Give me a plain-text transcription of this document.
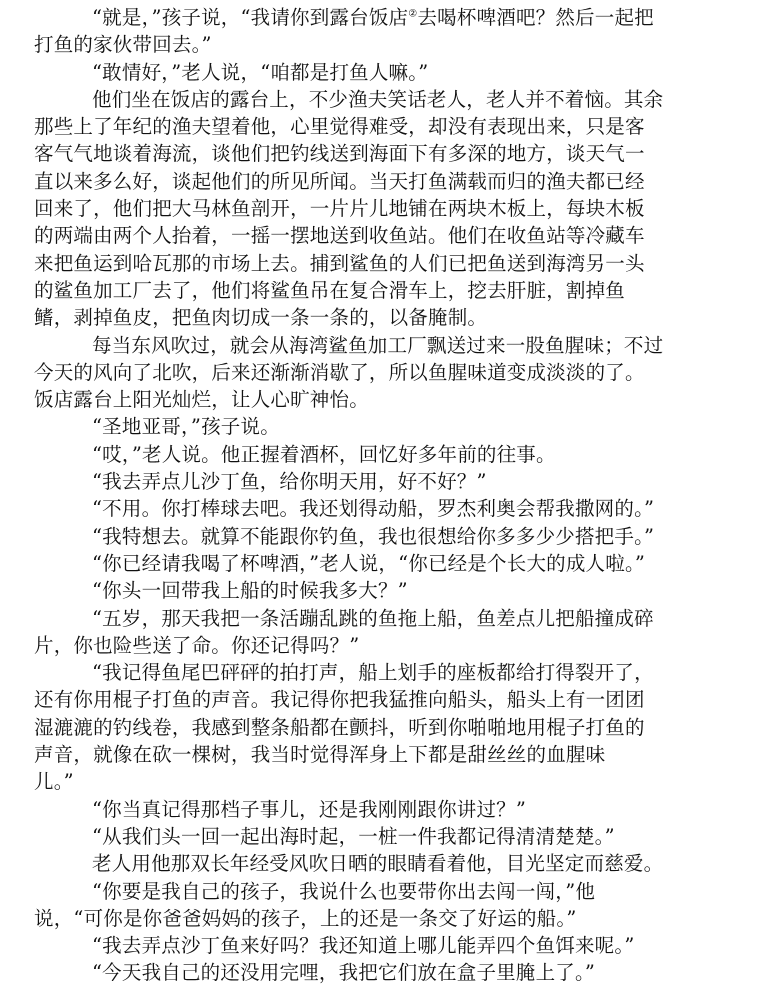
“就是，”孩子说，“我请你到露台饭店②去喝杯啤酒吧？然后一起把
打鱼的家伙带回去。”
“敢情好，”老人说，“咱都是打鱼人嘛。”
他们坐在饭店的露台上，不少渔夫笑话老人，老人并不着恼。其余
那些上了年纪的渔夫望着他，心里觉得难受，却没有表现出来，只是客
客气气地谈着海流，谈他们把钓线送到海面下有多深的地方，谈天气一
直以来多么好，谈起他们的所见所闻。当天打鱼满载而归的渔夫都已经
回来了，他们把大马林鱼剖开，一片片儿地铺在两块木板上，每块木板
的两端由两个人抬着，一摇一摆地送到收鱼站。他们在收鱼站等冷藏车
来把鱼运到哈瓦那的市场上去。捕到鲨鱼的人们已把鱼送到海湾另一头
的鲨鱼加工厂去了，他们将鲨鱼吊在复合滑车上，挖去肝脏，割掉鱼
鳍，剥掉鱼皮，把鱼肉切成一条一条的，以备腌制。
每当东风吹过，就会从海湾鲨鱼加工厂飘送过来一股鱼腥味；不过
今天的风向了北吹，后来还渐渐消歇了，所以鱼腥味道变成淡淡的了。
饭店露台上阳光灿烂，让人心旷神怡。
“圣地亚哥，”孩子说。
“哎，”老人说。他正握着酒杯，回忆好多年前的往事。
“我去弄点儿沙丁鱼，给你明天用，好不好？”
“不用。你打棒球去吧。我还划得动船，罗杰利奥会帮我撒网的。”
“我特想去。就算不能跟你钓鱼，我也很想给你多多少少搭把手。”
“你已经请我喝了杯啤酒，”老人说，“你已经是个长大的成人啦。”
“你头一回带我上船的时候我多大？”
“五岁，那天我把一条活蹦乱跳的鱼拖上船，鱼差点儿把船撞成碎
片，你也险些送了命。你还记得吗？”
“我记得鱼尾巴砰砰的拍打声，船上划手的座板都给打得裂开了，
还有你用棍子打鱼的声音。我记得你把我猛推向船头，船头上有一团团
湿漉漉的钓线卷，我感到整条船都在颤抖，听到你啪啪地用棍子打鱼的
声音，就像在砍一棵树，我当时觉得浑身上下都是甜丝丝的血腥味
儿。”
“你当真记得那档子事儿，还是我刚刚跟你讲过？”
“从我们头一回一起出海时起，一桩一件我都记得清清楚楚。”
老人用他那双长年经受风吹日晒的眼睛看着他，目光坚定而慈爱。
“你要是我自己的孩子，我说什么也要带你出去闯一闯，”他
说，“可你是你爸爸妈妈的孩子，上的还是一条交了好运的船。”
“我去弄点沙丁鱼来好吗？我还知道上哪儿能弄四个鱼饵来呢。”
“今天我自己的还没用完哩，我把它们放在盒子里腌上了。”
